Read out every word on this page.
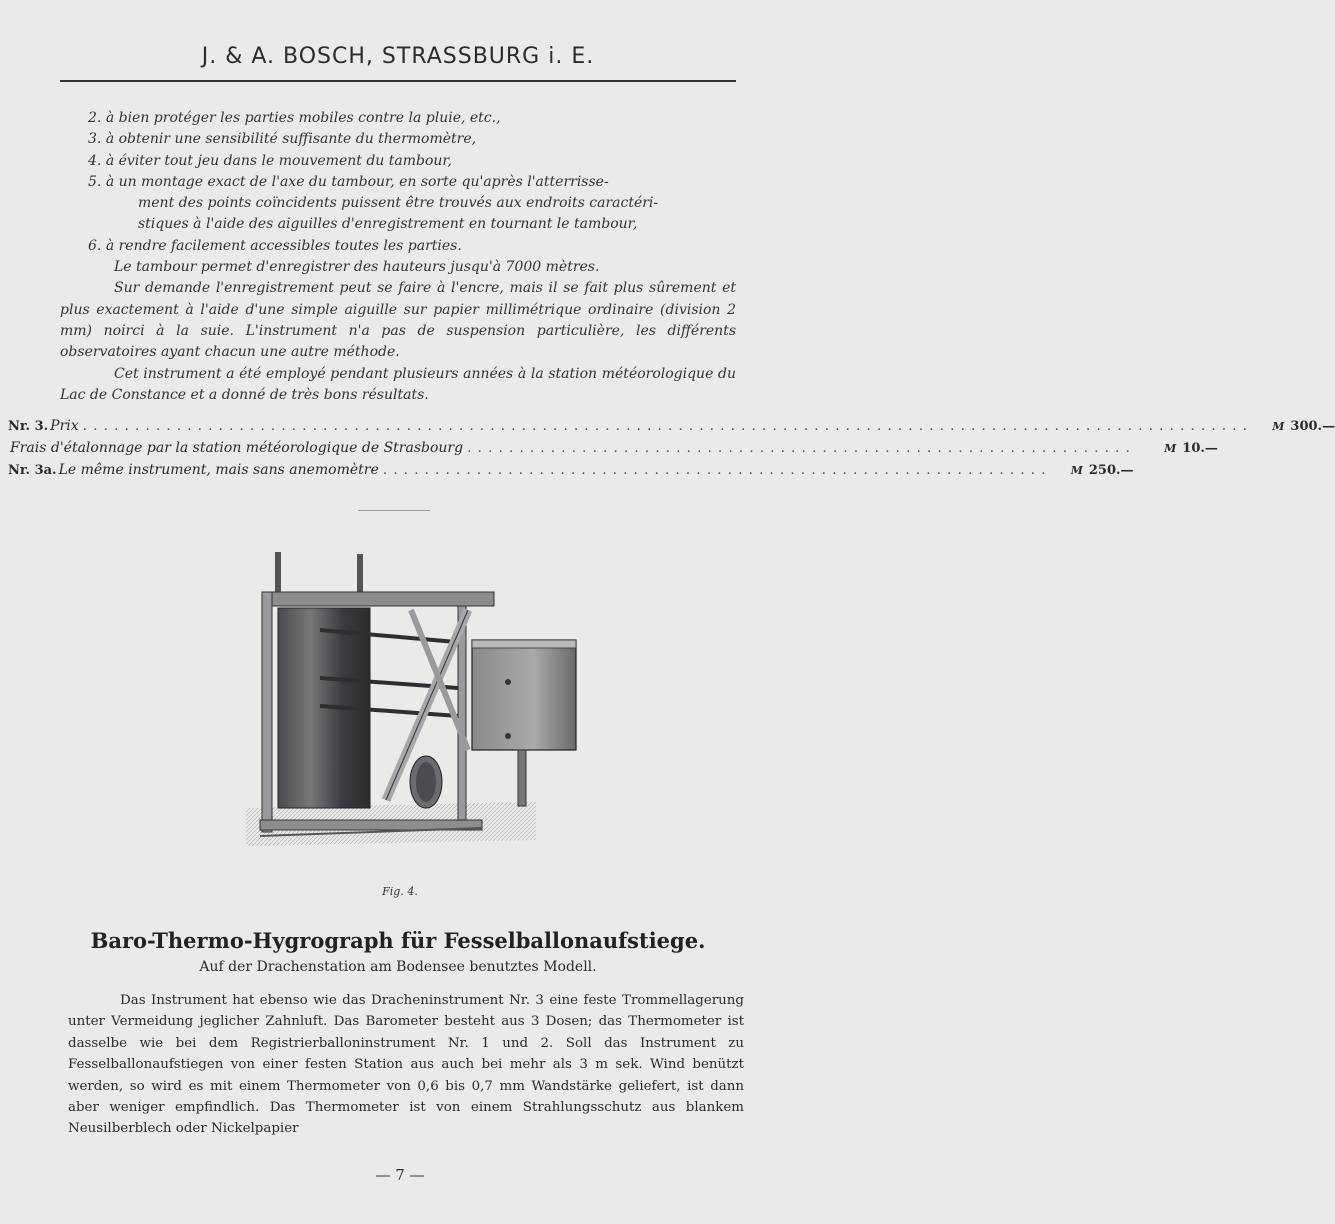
J. & A. BOSCH, STRASSBURG i. E.

2. à bien protéger les parties mobiles contre la pluie, etc.,

3. à obtenir une sensibilité suffisante du thermomètre,

4. à éviter tout jeu dans le mouvement du tambour,

5. à un montage exact de l'axe du tambour, en sorte qu'après l'atterrisse-

ment des points coïncidents puissent être trouvés aux endroits caractéri-

stiques à l'aide des aiguilles d'enregistrement en tournant le tambour,

6. à rendre facilement accessibles toutes les parties.

Le tambour permet d'enregistrer des hauteurs jusqu'à 7000 mètres.

Sur demande l'enregistrement peut se faire à l'encre, mais il se fait plus sûrement et plus exactement à l'aide d'une simple aiguille sur papier millimétrique ordinaire (division 2 mm) noirci à la suie. L'instrument n'a pas de suspension particulière, les différents observatoires ayant chacun une autre méthode.

Cet instrument a été employé pendant plusieurs années à la station météorologique du Lac de Constance et a donné de très bons résultats.

Nr. 3. Prix ................................................................................................................	M 300.—
Frais d'étalonnage par la station météorologique de Strasbourg ................................................................	M 10.—
Nr. 3a. Le même instrument, mais sans anemomètre ................................................................	M 250.—
Fig. 4.
Baro-Thermo-Hygrograph für Fesselballonaufstiege.
Auf der Drachenstation am Bodensee benutztes Modell.

Das Instrument hat ebenso wie das Dracheninstrument Nr. 3 eine feste Trommellagerung unter Vermeidung jeglicher Zahnluft. Das Barometer besteht aus 3 Dosen; das Thermometer ist dasselbe wie bei dem Registrierballoninstrument Nr. 1 und 2. Soll das Instrument zu Fesselballonaufstiegen von einer festen Station aus auch bei mehr als 3 m sek. Wind benützt werden, so wird es mit einem Thermometer von 0,6 bis 0,7 mm Wandstärke geliefert, ist dann aber weniger empfindlich. Das Thermometer ist von einem Strahlungsschutz aus blankem Neusilberblech oder Nickelpapier

— 7 —
